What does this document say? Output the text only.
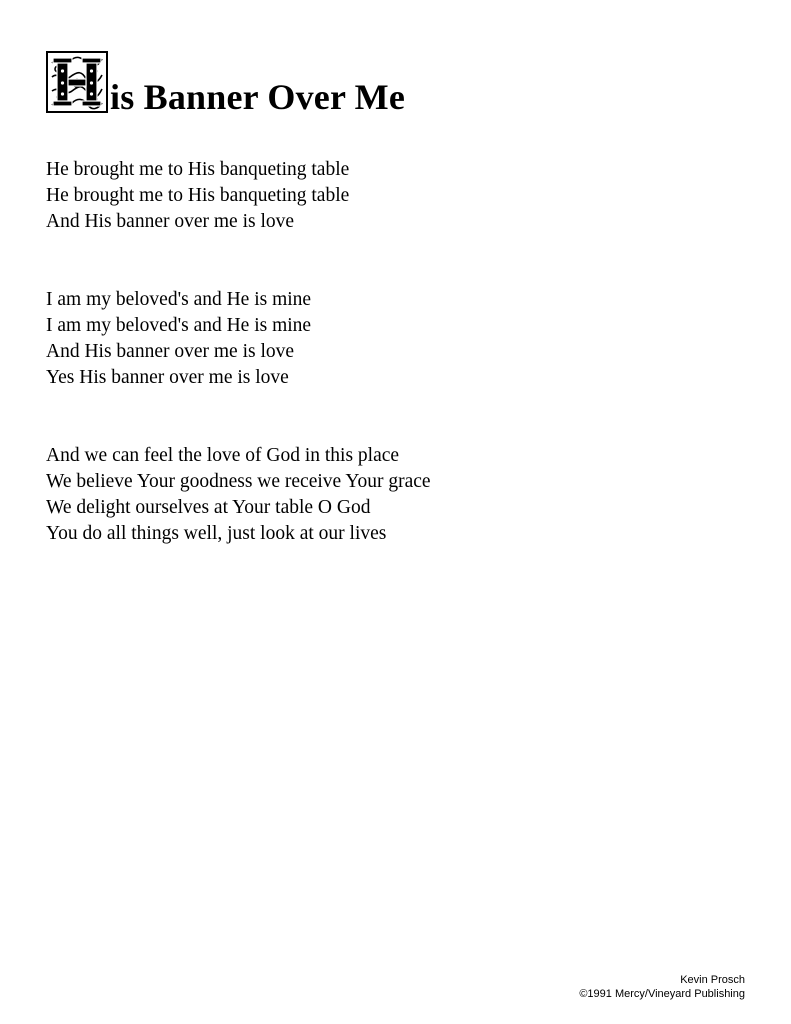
is Banner Over Me
He brought me to His banqueting table
He brought me to His banqueting table
And His banner over me is love
I am my beloved's and He is mine
I am my beloved's and He is mine
And His banner over me is love
Yes His banner over me is love
And we can feel the love of God in this place
We believe Your goodness we receive Your grace
We delight ourselves at Your table O God
You do all things well, just look at our lives
Kevin Prosch
©1991 Mercy/Vineyard Publishing
